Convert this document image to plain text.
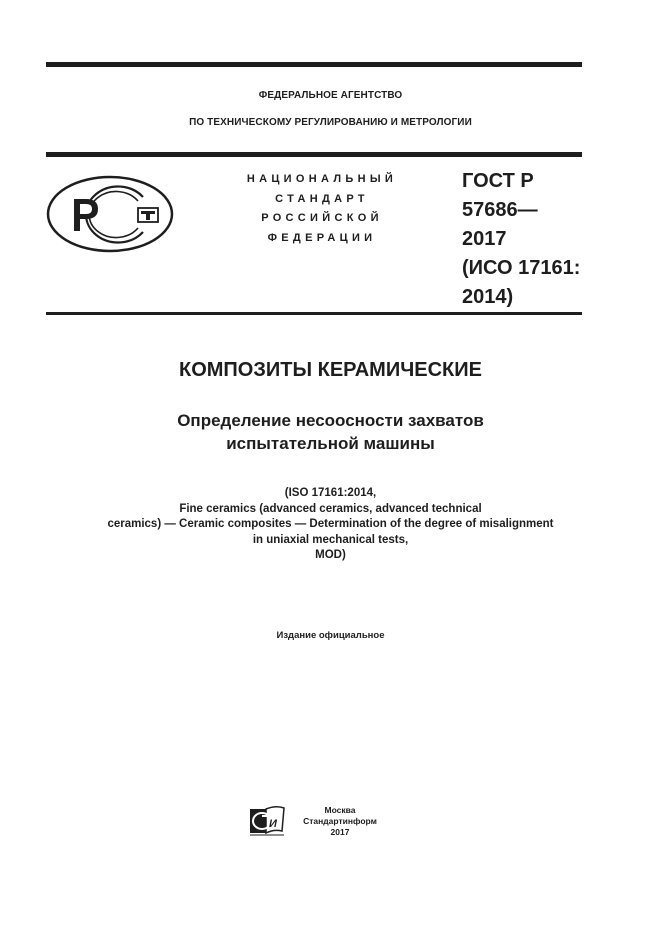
ФЕДЕРАЛЬНОЕ АГЕНТСТВО
ПО ТЕХНИЧЕСКОМУ РЕГУЛИРОВАНИЮ И МЕТРОЛОГИИ
НАЦИОНАЛЬНЫЙ
СТАНДАРТ
РОССИЙСКОЙ
ФЕДЕРАЦИИ
ГОСТ Р
57686—
2017
(ИСО 17161:
2014)
КОМПОЗИТЫ КЕРАМИЧЕСКИЕ
Определение несоосности захватов
испытательной машины
(ISO 17161:2014,
Fine ceramics (advanced ceramics, advanced technical
ceramics) — Ceramic composites — Determination of the degree of misalignment
in uniaxial mechanical tests,
MOD)
Издание официальное
И
Москва
Стандартинформ
2017
